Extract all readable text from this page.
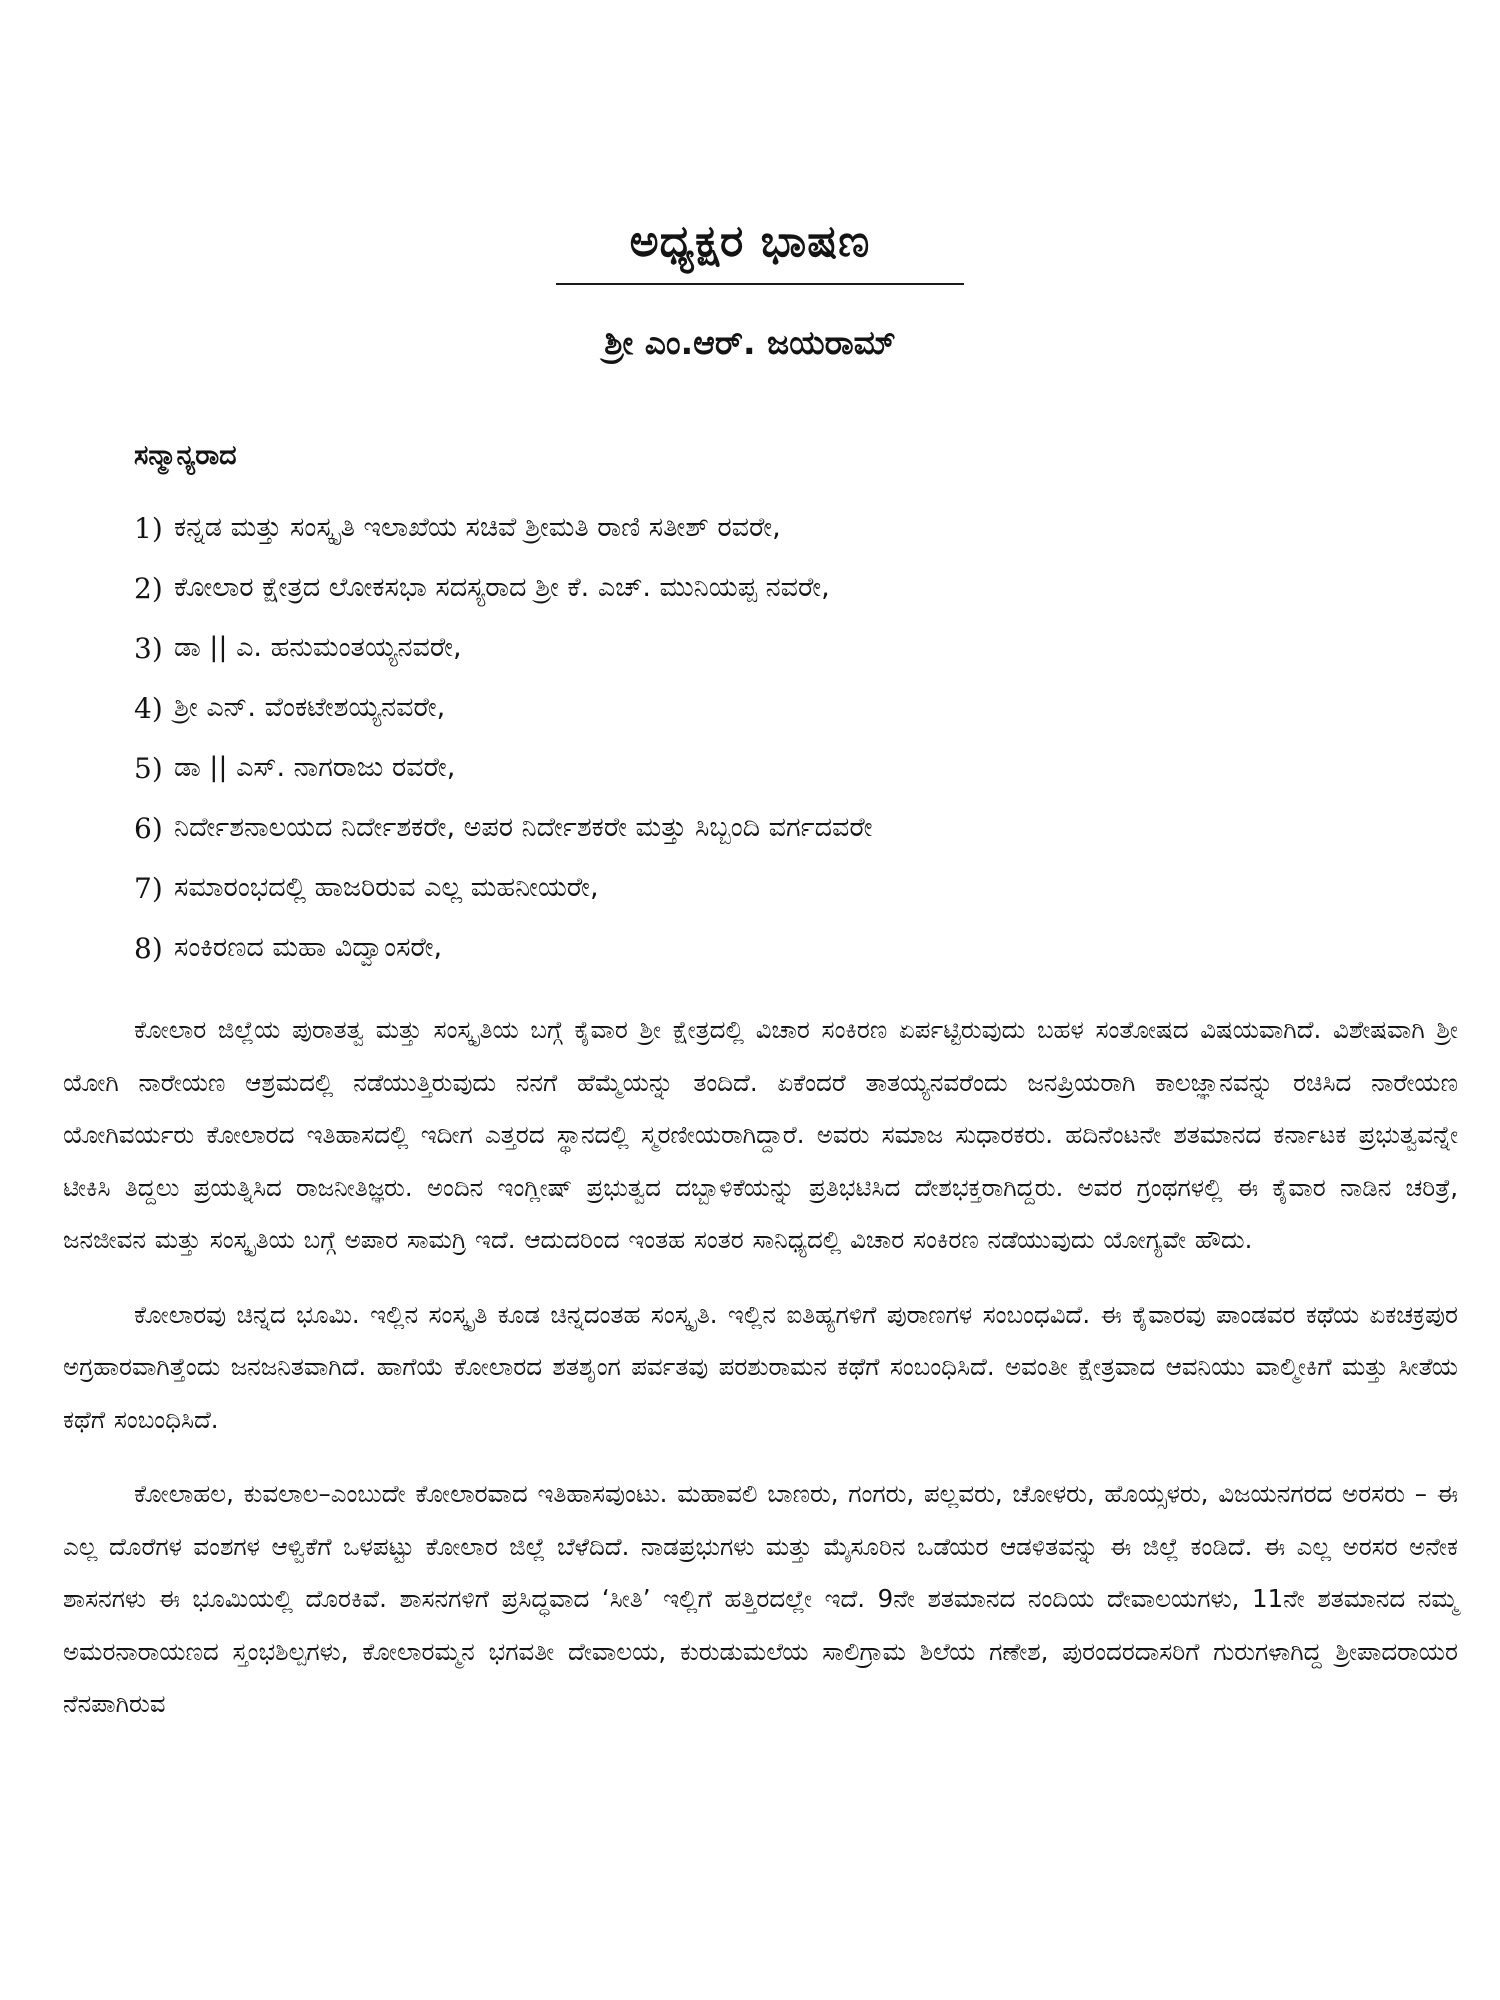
ಅಧ್ಯಕ್ಷರ ಭಾಷಣ
ಶ್ರೀ ಎಂ.ಆರ್. ಜಯರಾಮ್
ಸನ್ಮಾನ್ಯರಾದ
1) ಕನ್ನಡ ಮತ್ತು ಸಂಸ್ಕೃತಿ ಇಲಾಖೆಯ ಸಚಿವೆ ಶ್ರೀಮತಿ ರಾಣಿ ಸತೀಶ್ ರವರೇ,
2) ಕೋಲಾರ ಕ್ಷೇತ್ರದ ಲೋಕಸಭಾ ಸದಸ್ಯರಾದ ಶ್ರೀ ಕೆ. ಎಚ್. ಮುನಿಯಪ್ಪ ನವರೇ,
3) ಡಾ || ಎ. ಹನುಮಂತಯ್ಯನವರೇ,
4) ಶ್ರೀ ಎನ್. ವೆಂಕಟೇಶಯ್ಯನವರೇ,
5) ಡಾ || ಎಸ್. ನಾಗರಾಜು ರವರೇ,
6) ನಿರ್ದೇಶನಾಲಯದ ನಿರ್ದೇಶಕರೇ, ಅಪರ ನಿರ್ದೇಶಕರೇ ಮತ್ತು ಸಿಬ್ಬಂದಿ ವರ್ಗದವರೇ
7) ಸಮಾರಂಭದಲ್ಲಿ ಹಾಜರಿರುವ ಎಲ್ಲ ಮಹನೀಯರೇ,
8) ಸಂಕಿರಣದ ಮಹಾ ವಿದ್ವಾಂಸರೇ,

ಕೋಲಾರ ಜಿಲ್ಲೆಯ ಪುರಾತತ್ವ ಮತ್ತು ಸಂಸ್ಕೃತಿಯ ಬಗ್ಗೆ ಕೈವಾರ ಶ್ರೀ ಕ್ಷೇತ್ರದಲ್ಲಿ ವಿಚಾರ ಸಂಕಿರಣ ಏರ್ಪಟ್ಟಿರುವುದು ಬಹಳ ಸಂತೋಷದ ವಿಷಯವಾಗಿದೆ. ವಿಶೇಷವಾಗಿ ಶ್ರೀ ಯೋಗಿ ನಾರೇಯಣ ಆಶ್ರಮದಲ್ಲಿ ನಡೆಯುತ್ತಿರುವುದು ನನಗೆ ಹೆಮ್ಮೆಯನ್ನು ತಂದಿದೆ. ಏಕೆಂದರೆ ತಾತಯ್ಯನವರೆಂದು ಜನಪ್ರಿಯರಾಗಿ ಕಾಲಜ್ಞಾನವನ್ನು ರಚಿಸಿದ ನಾರೇಯಣ ಯೋಗಿವರ್ಯರು ಕೋಲಾರದ ಇತಿಹಾಸದಲ್ಲಿ ಇದೀಗ ಎತ್ತರದ ಸ್ಥಾನದಲ್ಲಿ ಸ್ಮರಣೀಯರಾಗಿದ್ದಾರೆ. ಅವರು ಸಮಾಜ ಸುಧಾರಕರು. ಹದಿನೆಂಟನೇ ಶತಮಾನದ ಕರ್ನಾಟಕ ಪ್ರಭುತ್ವವನ್ನೇ ಟೀಕಿಸಿ ತಿದ್ದಲು ಪ್ರಯತ್ನಿಸಿದ ರಾಜನೀತಿಜ್ಞರು. ಅಂದಿನ ಇಂಗ್ಲೀಷ್ ಪ್ರಭುತ್ವದ ದಬ್ಬಾಳಿಕೆಯನ್ನು ಪ್ರತಿಭಟಿಸಿದ ದೇಶಭಕ್ತರಾಗಿದ್ದರು. ಅವರ ಗ್ರಂಥಗಳಲ್ಲಿ ಈ ಕೈವಾರ ನಾಡಿನ ಚರಿತ್ರೆ, ಜನಜೀವನ ಮತ್ತು ಸಂಸ್ಕೃತಿಯ ಬಗ್ಗೆ ಅಪಾರ ಸಾಮಗ್ರಿ ಇದೆ. ಆದುದರಿಂದ ಇಂತಹ ಸಂತರ ಸಾನಿಧ್ಯದಲ್ಲಿ ವಿಚಾರ ಸಂಕಿರಣ ನಡೆಯುವುದು ಯೋಗ್ಯವೇ ಹೌದು.

ಕೋಲಾರವು ಚಿನ್ನದ ಭೂಮಿ. ಇಲ್ಲಿನ ಸಂಸ್ಕೃತಿ ಕೂಡ ಚಿನ್ನದಂತಹ ಸಂಸ್ಕೃತಿ. ಇಲ್ಲಿನ ಐತಿಹ್ಯಗಳಿಗೆ ಪುರಾಣಗಳ ಸಂಬಂಧವಿದೆ. ಈ ಕೈವಾರವು ಪಾಂಡವರ ಕಥೆಯ ಏಕಚಕ್ರಪುರ ಅಗ್ರಹಾರವಾಗಿತ್ತೆಂದು ಜನಜನಿತವಾಗಿದೆ. ಹಾಗೆಯೆ ಕೋಲಾರದ ಶತಶೃಂಗ ಪರ್ವತವು ಪರಶುರಾಮನ ಕಥೆಗೆ ಸಂಬಂಧಿಸಿದೆ. ಅವಂತೀ ಕ್ಷೇತ್ರವಾದ ಆವನಿಯು ವಾಲ್ಮೀಕಿಗೆ ಮತ್ತು ಸೀತೆಯ ಕಥೆಗೆ ಸಂಬಂಧಿಸಿದೆ.

ಕೋಲಾಹಲ, ಕುವಲಾಲ–ಎಂಬುದೇ ಕೋಲಾರವಾದ ಇತಿಹಾಸವುಂಟು. ಮಹಾವಲಿ ಬಾಣರು, ಗಂಗರು, ಪಲ್ಲವರು, ಚೋಳರು, ಹೊಯ್ಸಳರು, ವಿಜಯನಗರದ ಅರಸರು – ಈ ಎಲ್ಲ ದೊರೆಗಳ ವಂಶಗಳ ಆಳ್ವಿಕೆಗೆ ಒಳಪಟ್ಟು ಕೋಲಾರ ಜಿಲ್ಲೆ ಬೆಳೆದಿದೆ. ನಾಡಪ್ರಭುಗಳು ಮತ್ತು ಮೈಸೂರಿನ ಒಡೆಯರ ಆಡಳಿತವನ್ನು ಈ ಜಿಲ್ಲೆ ಕಂಡಿದೆ. ಈ ಎಲ್ಲ ಅರಸರ ಅನೇಕ ಶಾಸನಗಳು ಈ ಭೂಮಿಯಲ್ಲಿ ದೊರಕಿವೆ. ಶಾಸನಗಳಿಗೆ ಪ್ರಸಿದ್ಧವಾದ ‘ಸೀತಿ’ ಇಲ್ಲಿಗೆ ಹತ್ತಿರದಲ್ಲೇ ಇದೆ. 9ನೇ ಶತಮಾನದ ನಂದಿಯ ದೇವಾಲಯಗಳು, 11ನೇ ಶತಮಾನದ ನಮ್ಮ ಅಮರನಾರಾಯಣದ ಸ್ತಂಭಶಿಲ್ಪಗಳು, ಕೋಲಾರಮ್ಮನ ಭಗವತೀ ದೇವಾಲಯ, ಕುರುಡುಮಲೆಯ ಸಾಲಿಗ್ರಾಮ ಶಿಲೆಯ ಗಣೇಶ, ಪುರಂದರದಾಸರಿಗೆ ಗುರುಗಳಾಗಿದ್ದ ಶ್ರೀಪಾದರಾಯರ ನೆನಪಾಗಿರುವ
